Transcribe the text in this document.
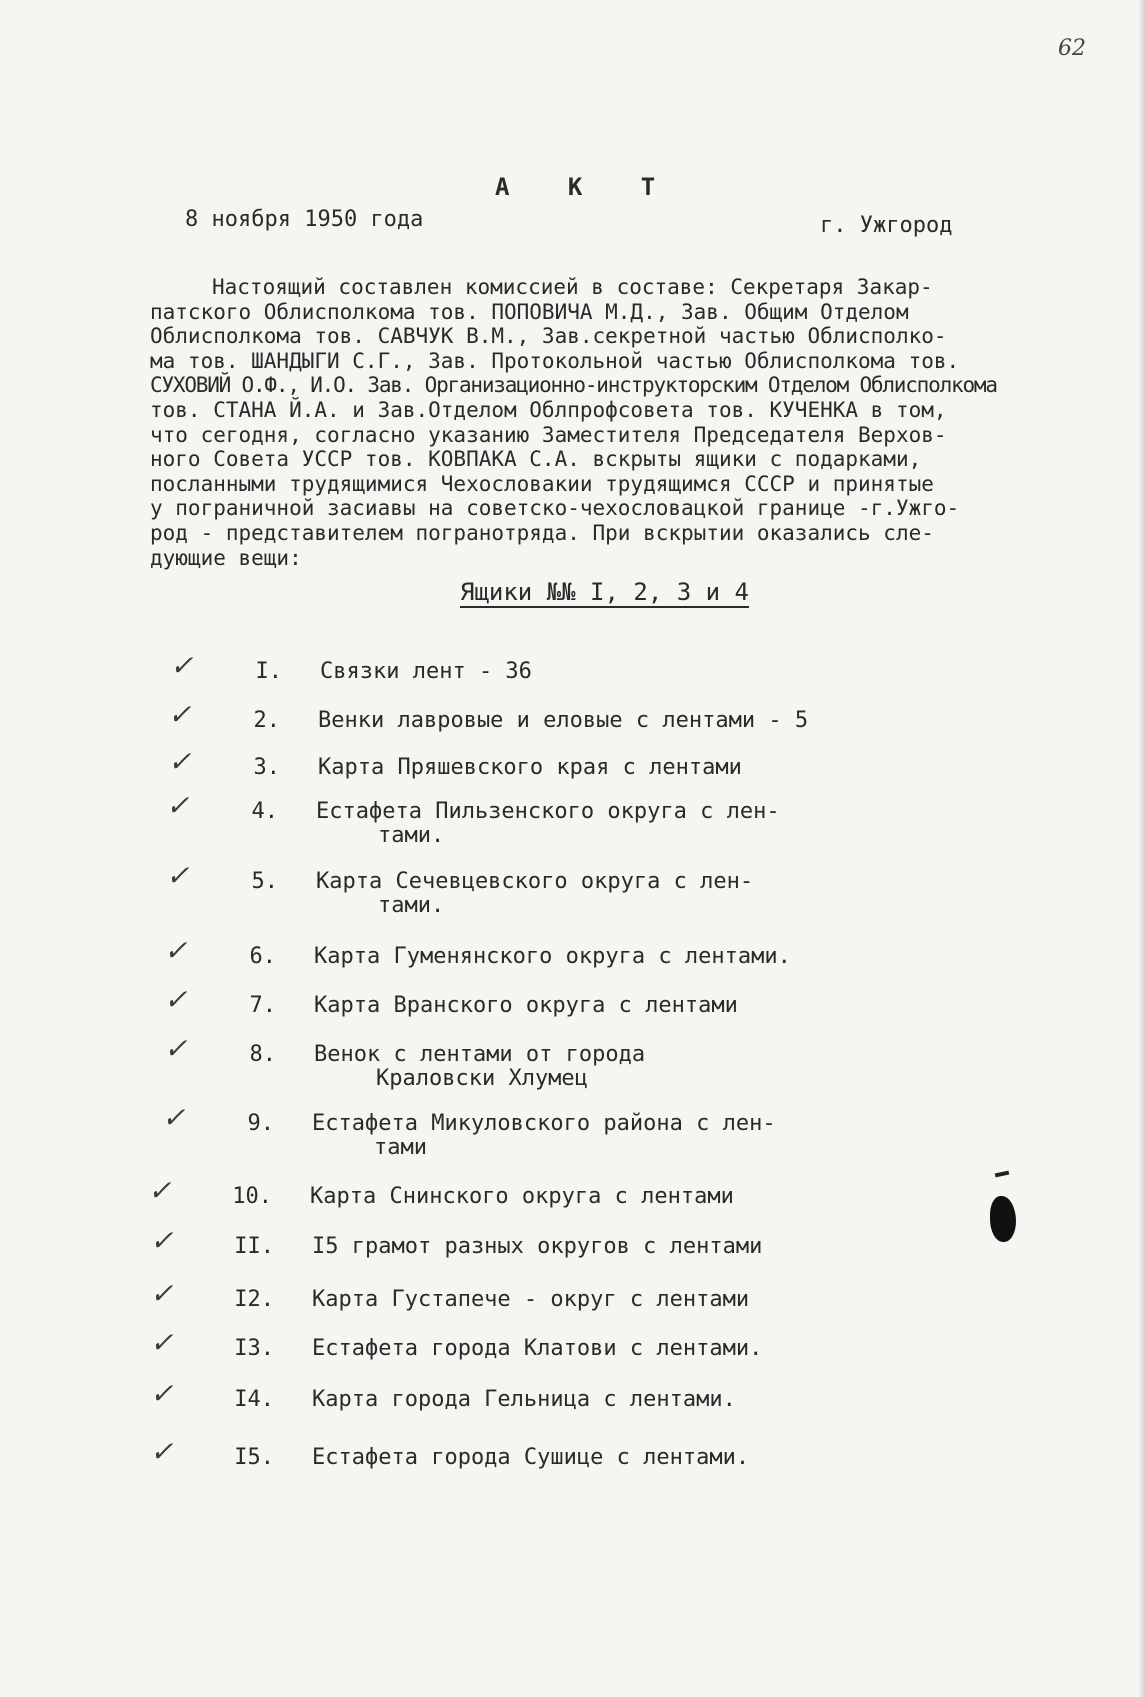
62
А К Т
8 ноября 1950 года	г. Ужгород
Настоящий составлен комиссией в составе: Секретаря Закар-
патского Облисполкома тов. ПОПОВИЧА М.Д., Зав. Общим Отделом
Облисполкома тов. САВЧУК В.М., Зав.секретной частью Облисполко-
ма тов. ШАНДЫГИ С.Г., Зав. Протокольной частью Облисполкома тов.
СУХОВИЙ О.Ф., И.О. Зав. Организационно-инструкторским Отделом Облисполкома
тов. СТАНА Й.А. и Зав.Отделом Облпрофсовета тов. КУЧЕНКА в том,
что сегодня, согласно указанию Заместителя Председателя Верхов-
ного Совета УССР тов. КОВПАКА С.А. вскрыты ящики с подарками,
посланными трудящимися Чехословакии трудящимся СССР и принятые
у пограничной засиавы на советско-чехословацкой границе -г.Ужго-
род - представителем погранотряда. При вскрытии оказались сле-
дующие вещи:
Ящики №№ I, 2, 3 и 4
✓	I. Связки лент - 36
✓	2. Венки лавровые и еловые с лентами - 5
✓	3. Карта Пряшевского края с лентами
✓	4. Естафета Пильзенского округа с лен-
тами.
✓	5. Карта Сечевцевского округа с лен-
тами.
✓	6. Карта Гуменянского округа с лентами.
✓	7. Карта Вранского округа с лентами
✓	8. Венок с лентами от города
Краловски Хлумец
✓	9. Естафета Микуловского района с лен-
тами
✓	10. Карта Снинского округа с лентами
✓	II. I5 грамот разных округов с лентами
✓	I2. Карта Густапече - округ с лентами
✓	I3. Естафета города Клатови с лентами.
✓	I4. Карта города Гельница с лентами.
✓	I5. Естафета города Сушице с лентами.
